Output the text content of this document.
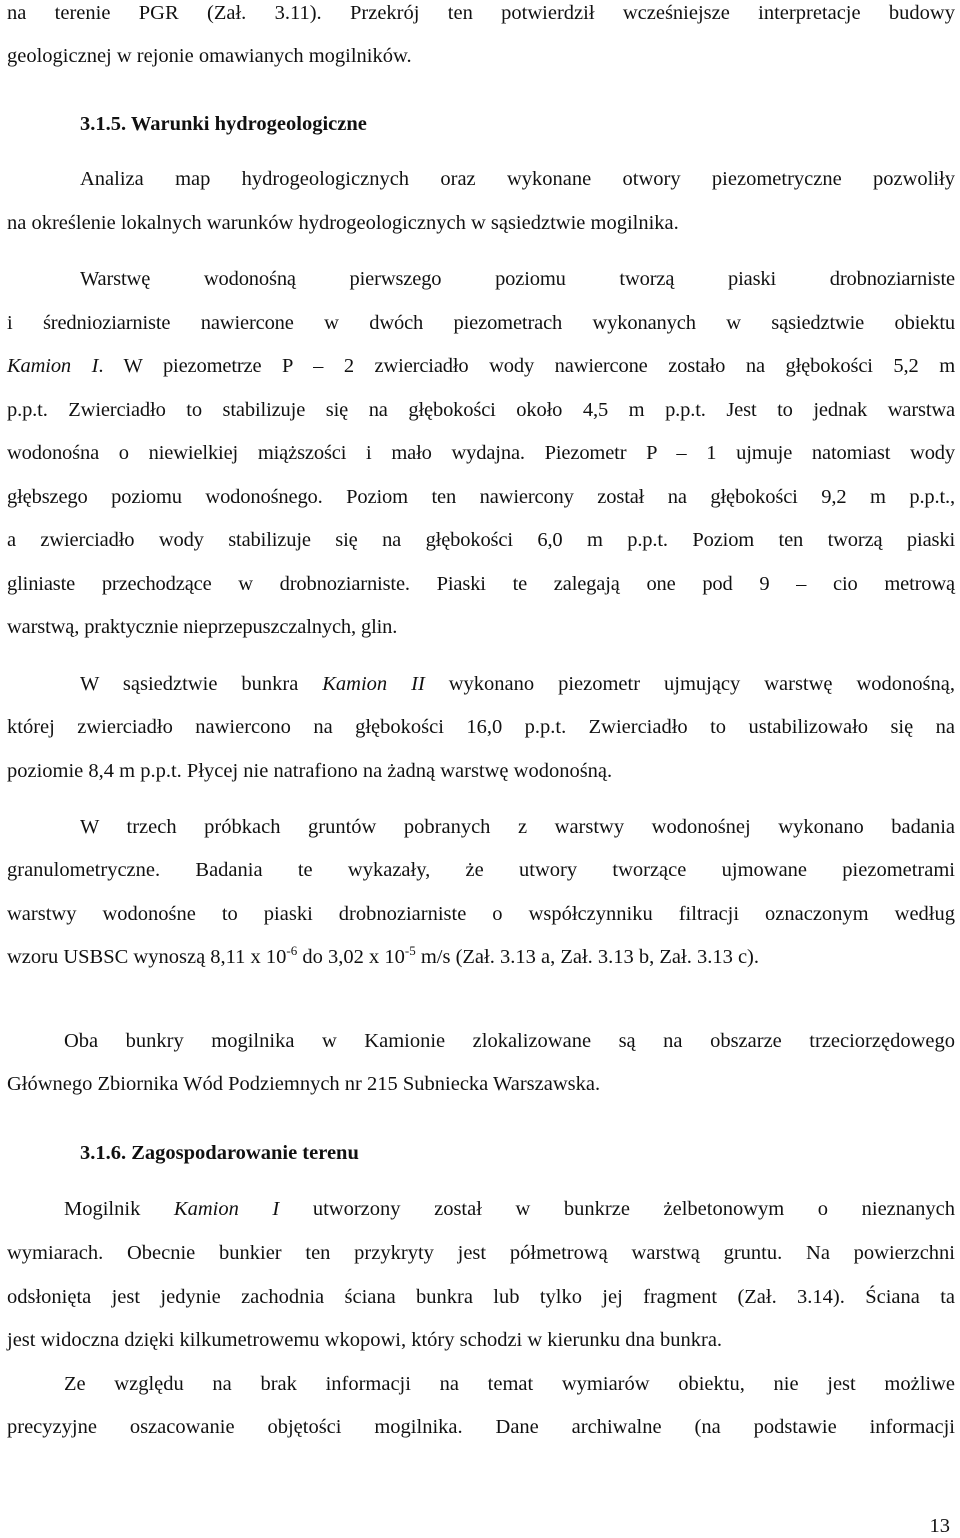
na terenie PGR (Zał. 3.11). Przekrój ten potwierdził wcześniejsze interpretacje budowy
geologicznej w rejonie omawianych mogilników.
3.1.5. Warunki hydrogeologiczne
Analiza map hydrogeologicznych oraz wykonane otwory piezometryczne pozwoliły
na określenie lokalnych warunków hydrogeologicznych w sąsiedztwie mogilnika.
Warstwę wodonośną pierwszego poziomu tworzą piaski drobnoziarniste
i średnioziarniste nawiercone w dwóch piezometrach wykonanych w sąsiedztwie obiektu
Kamion I. W piezometrze P – 2 zwierciadło wody nawiercone zostało na głębokości 5,2 m
p.p.t. Zwierciadło to stabilizuje się na głębokości około 4,5 m p.p.t. Jest to jednak warstwa
wodonośna o niewielkiej miąższości i mało wydajna. Piezometr P – 1 ujmuje natomiast wody
głębszego poziomu wodonośnego. Poziom ten nawiercony został na głębokości 9,2 m p.p.t.,
a zwierciadło wody stabilizuje się na głębokości 6,0 m p.p.t. Poziom ten tworzą piaski
gliniaste przechodzące w drobnoziarniste. Piaski te zalegają one pod 9 – cio metrową
warstwą, praktycznie nieprzepuszczalnych, glin.
W sąsiedztwie bunkra Kamion II wykonano piezometr ujmujący warstwę wodonośną,
której zwierciadło nawiercono na głębokości 16,0 p.p.t. Zwierciadło to ustabilizowało się na
poziomie 8,4 m p.p.t. Płycej nie natrafiono na żadną warstwę wodonośną.
W trzech próbkach gruntów pobranych z warstwy wodonośnej wykonano badania
granulometryczne. Badania te wykazały, że utwory tworzące ujmowane piezometrami
warstwy wodonośne to piaski drobnoziarniste o współczynniku filtracji oznaczonym według
wzoru USBSC wynoszą 8,11 x $10^{-6}$ do 3,02 x $10^{-5}$ m/s (Zał. 3.13 a, Zał. 3.13 b, Zał. 3.13 c).
Oba bunkry mogilnika w Kamionie zlokalizowane są na obszarze trzeciorzędowego
Głównego Zbiornika Wód Podziemnych nr 215 Subniecka Warszawska.
3.1.6. Zagospodarowanie terenu
Mogilnik Kamion I utworzony został w bunkrze żelbetonowym o nieznanych
wymiarach. Obecnie bunkier ten przykryty jest półmetrową warstwą gruntu. Na powierzchni
odsłonięta jest jedynie zachodnia ściana bunkra lub tylko jej fragment (Zał. 3.14). Ściana ta
jest widoczna dzięki kilkumetrowemu wkopowi, który schodzi w kierunku dna bunkra.
Ze względu na brak informacji na temat wymiarów obiektu, nie jest możliwe
precyzyjne oszacowanie objętości mogilnika. Dane archiwalne (na podstawie informacji
13
